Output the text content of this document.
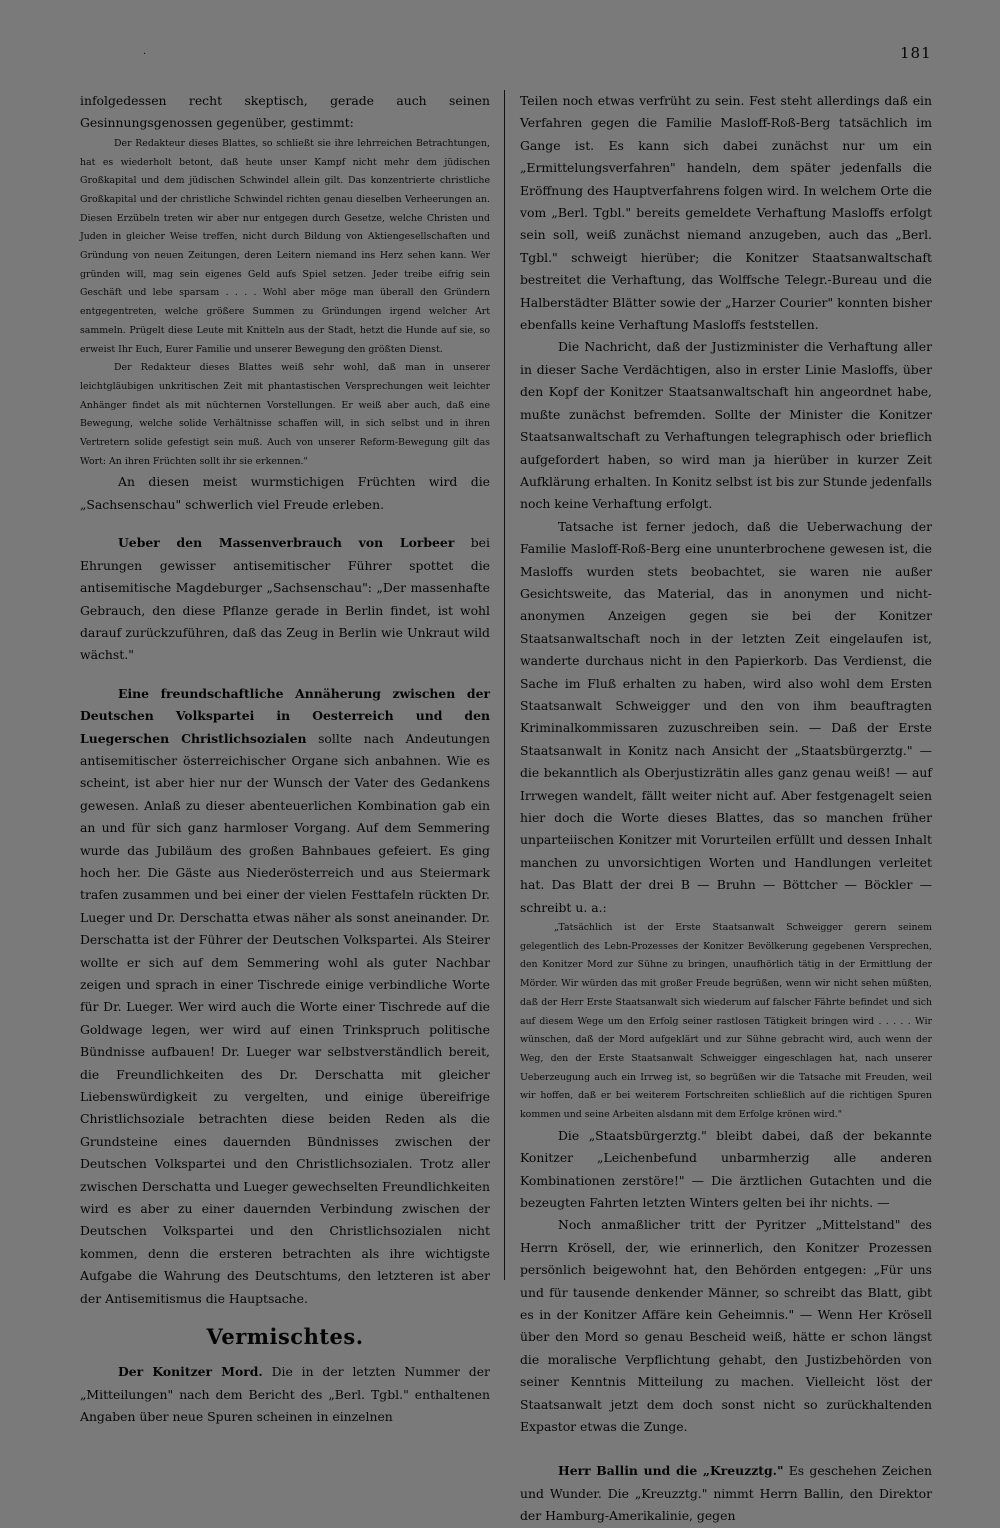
.	181

infolgedessen recht skeptisch, gerade auch seinen Gesinnungsgenossen gegenüber, gestimmt:

Der Redakteur dieses Blattes, so schließt sie ihre lehrreichen Betrachtungen, hat es wiederholt betont, daß heute unser Kampf nicht mehr dem jüdischen Großkapital und dem jüdischen Schwindel allein gilt. Das konzentrierte christliche Großkapital und der christliche Schwindel richten genau dieselben Verheerungen an. Diesen Erzübeln treten wir aber nur entgegen durch Gesetze, welche Christen und Juden in gleicher Weise treffen, nicht durch Bildung von Aktiengesellschaften und Gründung von neuen Zeitungen, deren Leitern niemand ins Herz sehen kann. Wer gründen will, mag sein eigenes Geld aufs Spiel setzen. Jeder treibe eifrig sein Geschäft und lebe sparsam . . . . Wohl aber möge man überall den Gründern entgegentreten, welche größere Summen zu Gründungen irgend welcher Art sammeln. Prügelt diese Leute mit Knitteln aus der Stadt, hetzt die Hunde auf sie, so erweist Ihr Euch, Eurer Familie und unserer Bewegung den größten Dienst.

Der Redakteur dieses Blattes weiß sehr wohl, daß man in unserer leichtgläubigen unkritischen Zeit mit phantastischen Versprechungen weit leichter Anhänger findet als mit nüchternen Vorstellungen. Er weiß aber auch, daß eine Bewegung, welche solide Verhältnisse schaffen will, in sich selbst und in ihren Vertretern solide gefestigt sein muß. Auch von unserer Reform-Bewegung gilt das Wort: An ihren Früchten sollt ihr sie erkennen."

An diesen meist wurmstichigen Früchten wird die „Sachsenschau" schwerlich viel Freude erleben.

Ueber den Massenverbrauch von Lorbeer bei Ehrungen gewisser antisemitischer Führer spottet die antisemitische Magdeburger „Sachsenschau": „Der massenhafte Gebrauch, den diese Pflanze gerade in Berlin findet, ist wohl darauf zurückzuführen, daß das Zeug in Berlin wie Unkraut wild wächst."

Eine freundschaftliche Annäherung zwischen der Deutschen Volkspartei in Oesterreich und den Luegerschen Christlichsozialen sollte nach Andeutungen antisemitischer österreichischer Organe sich anbahnen. Wie es scheint, ist aber hier nur der Wunsch der Vater des Gedankens gewesen. Anlaß zu dieser abenteuerlichen Kombination gab ein an und für sich ganz harmloser Vorgang. Auf dem Semmering wurde das Jubiläum des großen Bahnbaues gefeiert. Es ging hoch her. Die Gäste aus Niederösterreich und aus Steiermark trafen zusammen und bei einer der vielen Festtafeln rückten Dr. Lueger und Dr. Derschatta etwas näher als sonst aneinander. Dr. Derschatta ist der Führer der Deutschen Volkspartei. Als Steirer wollte er sich auf dem Semmering wohl als guter Nachbar zeigen und sprach in einer Tischrede einige verbindliche Worte für Dr. Lueger. Wer wird auch die Worte einer Tischrede auf die Goldwage legen, wer wird auf einen Trinkspruch politische Bündnisse aufbauen! Dr. Lueger war selbstverständlich bereit, die Freundlichkeiten des Dr. Derschatta mit gleicher Liebenswürdigkeit zu vergelten, und einige übereifrige Christlichsoziale betrachten diese beiden Reden als die Grundsteine eines dauernden Bündnisses zwischen der Deutschen Volkspartei und den Christlichsozialen. Trotz aller zwischen Derschatta und Lueger gewechselten Freundlichkeiten wird es aber zu einer dauernden Verbindung zwischen der Deutschen Volkspartei und den Christlichsozialen nicht kommen, denn die ersteren betrachten als ihre wichtigste Aufgabe die Wahrung des Deutschtums, den letzteren ist aber der Antisemitismus die Hauptsache.

Vermischtes.

Der Konitzer Mord. Die in der letzten Nummer der „Mitteilungen" nach dem Bericht des „Berl. Tgbl." enthaltenen Angaben über neue Spuren scheinen in einzelnen

Teilen noch etwas verfrüht zu sein. Fest steht allerdings daß ein Verfahren gegen die Familie Masloff-Roß-Berg tatsächlich im Gange ist. Es kann sich dabei zunächst nur um ein „Ermittelungsverfahren" handeln, dem später jedenfalls die Eröffnung des Hauptverfahrens folgen wird. In welchem Orte die vom „Berl. Tgbl." bereits gemeldete Verhaftung Masloffs erfolgt sein soll, weiß zunächst niemand anzugeben, auch das „Berl. Tgbl." schweigt hierüber; die Konitzer Staatsanwaltschaft bestreitet die Verhaftung, das Wolffsche Telegr.-Bureau und die Halberstädter Blätter sowie der „Harzer Courier" konnten bisher ebenfalls keine Verhaftung Masloffs feststellen.

Die Nachricht, daß der Justizminister die Verhaftung aller in dieser Sache Verdächtigen, also in erster Linie Masloffs, über den Kopf der Konitzer Staatsanwaltschaft hin angeordnet habe, mußte zunächst befremden. Sollte der Minister die Konitzer Staatsanwaltschaft zu Verhaftungen telegraphisch oder brieflich aufgefordert haben, so wird man ja hierüber in kurzer Zeit Aufklärung erhalten. In Konitz selbst ist bis zur Stunde jedenfalls noch keine Verhaftung erfolgt.

Tatsache ist ferner jedoch, daß die Ueberwachung der Familie Masloff-Roß-Berg eine ununterbrochene gewesen ist, die Masloffs wurden stets beobachtet, sie waren nie außer Gesichtsweite, das Material, das in anonymen und nicht-anonymen Anzeigen gegen sie bei der Konitzer Staatsanwaltschaft noch in der letzten Zeit eingelaufen ist, wanderte durchaus nicht in den Papierkorb. Das Verdienst, die Sache im Fluß erhalten zu haben, wird also wohl dem Ersten Staatsanwalt Schweigger und den von ihm beauftragten Kriminalkommissaren zuzuschreiben sein. — Daß der Erste Staatsanwalt in Konitz nach Ansicht der „Staatsbürgerztg." — die bekanntlich als Oberjustizrätin alles ganz genau weiß! — auf Irrwegen wandelt, fällt weiter nicht auf. Aber festgenagelt seien hier doch die Worte dieses Blattes, das so manchen früher unparteiischen Konitzer mit Vorurteilen erfüllt und dessen Inhalt manchen zu unvorsichtigen Worten und Handlungen verleitet hat. Das Blatt der drei B — Bruhn — Böttcher — Böckler — schreibt u. a.:

„Tatsächlich ist der Erste Staatsanwalt Schweigger gerern seinem gelegentlich des Lebn-Prozesses der Konitzer Bevölkerung gegebenen Versprechen, den Konitzer Mord zur Sühne zu bringen, unaufhörlich tätig in der Ermittlung der Mörder. Wir würden das mit großer Freude begrüßen, wenn wir nicht sehen müßten, daß der Herr Erste Staatsanwalt sich wiederum auf falscher Fährte befindet und sich auf diesem Wege um den Erfolg seiner rastlosen Tätigkeit bringen wird . . . . . Wir wünschen, daß der Mord aufgeklärt und zur Sühne gebracht wird, auch wenn der Weg, den der Erste Staatsanwalt Schweigger eingeschlagen hat, nach unserer Ueberzeugung auch ein Irrweg ist, so begrüßen wir die Tatsache mit Freuden, weil wir hoffen, daß er bei weiterem Fortschreiten schließlich auf die richtigen Spuren kommen und seine Arbeiten alsdann mit dem Erfolge krönen wird."

Die „Staatsbürgerztg." bleibt dabei, daß der bekannte Konitzer „Leichenbefund unbarmherzig alle anderen Kombinationen zerstöre!" — Die ärztlichen Gutachten und die bezeugten Fahrten letzten Winters gelten bei ihr nichts. —

Noch anmaßlicher tritt der Pyritzer „Mittelstand" des Herrn Krösell, der, wie erinnerlich, den Konitzer Prozessen persönlich beigewohnt hat, den Behörden entgegen: „Für uns und für tausende denkender Männer, so schreibt das Blatt, gibt es in der Konitzer Affäre kein Geheimnis." — Wenn Her Krösell über den Mord so genau Bescheid weiß, hätte er schon längst die moralische Verpflichtung gehabt, den Justizbehörden von seiner Kenntnis Mitteilung zu machen. Vielleicht löst der Staatsanwalt jetzt dem doch sonst nicht so zurückhaltenden Expastor etwas die Zunge.

Herr Ballin und die „Kreuzztg." Es geschehen Zeichen und Wunder. Die „Kreuzztg." nimmt Herrn Ballin, den Direktor der Hamburg-Amerikalinie, gegen
